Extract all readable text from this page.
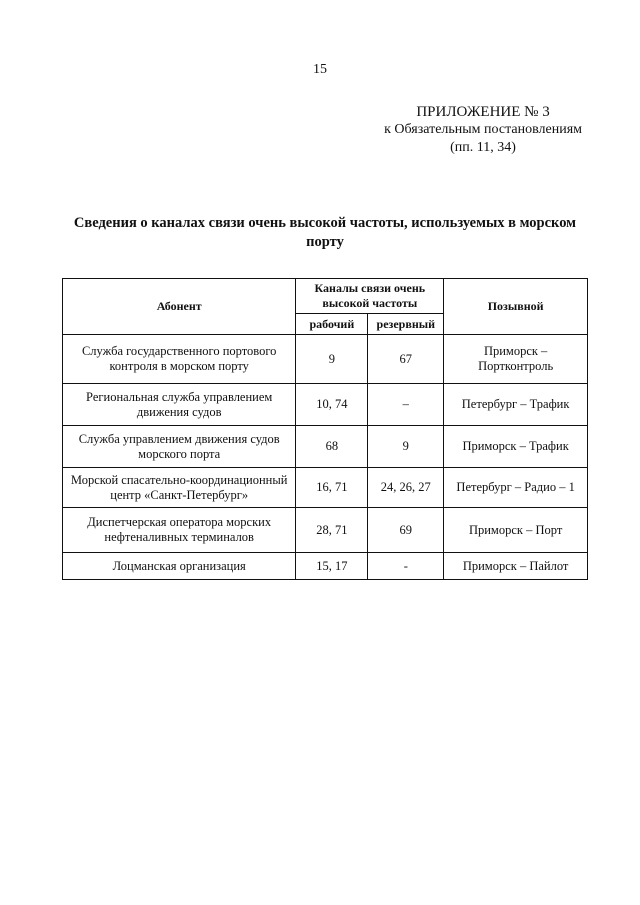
15
ПРИЛОЖЕНИЕ № 3
к Обязательным постановлениям
(пп. 11, 34)
Сведения о каналах связи очень высокой частоты, используемых в морском порту
Абонент	Каналы связи очень высокой частоты		Позывной
	рабочий	резервный	
Служба государственного портового контроля в морском порту	9	67	Приморск – Портконтроль
Региональная служба управлением движения судов	10, 74	–	Петербург – Трафик
Служба управлением движения судов морского порта	68	9	Приморск – Трафик
Морской спасательно-координационный центр «Санкт-Петербург»	16, 71	24, 26, 27	Петербург – Радио – 1
Диспетчерская оператора морских нефтеналивных терминалов	28, 71	69	Приморск – Порт
Лоцманская организация	15, 17	-	Приморск – Пайлот
